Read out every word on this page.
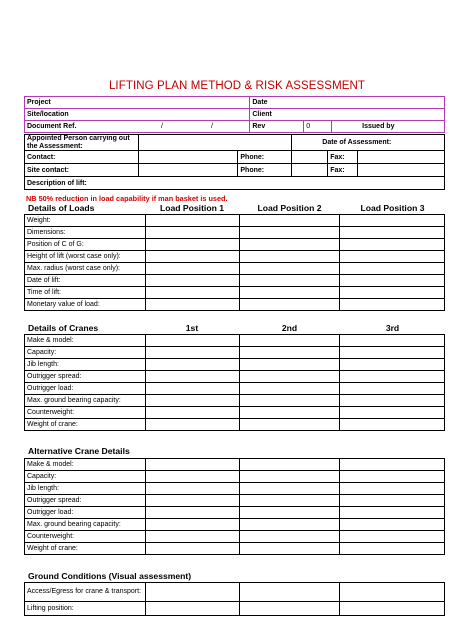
LIFTING PLAN METHOD & RISK ASSESSMENT
Project	Date		
Site/location	Client		
Document Ref. / /	Rev	0	Issued by
Appointed Person carrying out the Assessment:			Date of Assessment:		
Contact:		Phone:		Fax:	
Site contact:		Phone:		Fax:	
Description of lift:					
NB 50% reduction in load capability if man basket is used.
Details of Loads	Load Position 1	Load Position 2	Load Position 3
Weight:			
Dimensions:			
Position of C of G:			
Height of lift (worst case only):			
Max. radius (worst case only):			
Date of lift:			
Time of lift:			
Monetary value of load:			
Details of Cranes	1st	2nd	3rd
Make & model:			
Capacity:			
Jib length:			
Outrigger spread:			
Outrigger load:			
Max. ground bearing capacity:			
Counterweight:			
Weight of crane:			
Alternative Crane Details
Make & model:			
Capacity:			
Jib length:			
Outrigger spread:			
Outrigger load:			
Max. ground bearing capacity:			
Counterweight:			
Weight of crane:			
Ground Conditions (Visual assessment)
Access/Egress for crane & transport:			
Lifting position:			
